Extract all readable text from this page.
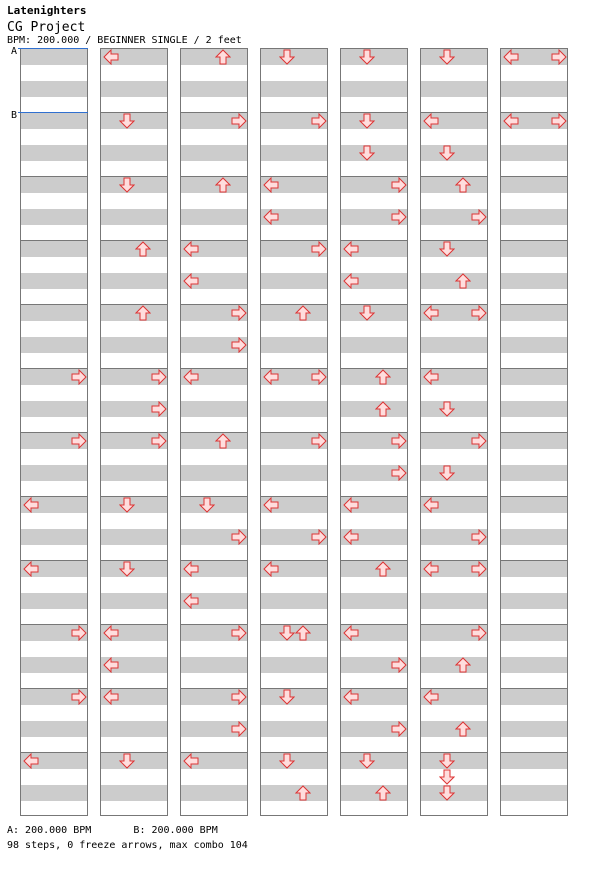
Latenighters
CG Project
BPM: 200.000 / BEGINNER SINGLE / 2 feet
A
B
A: 200.000 BPM       B: 200.000 BPM
98 steps, 0 freeze arrows, max combo 104
